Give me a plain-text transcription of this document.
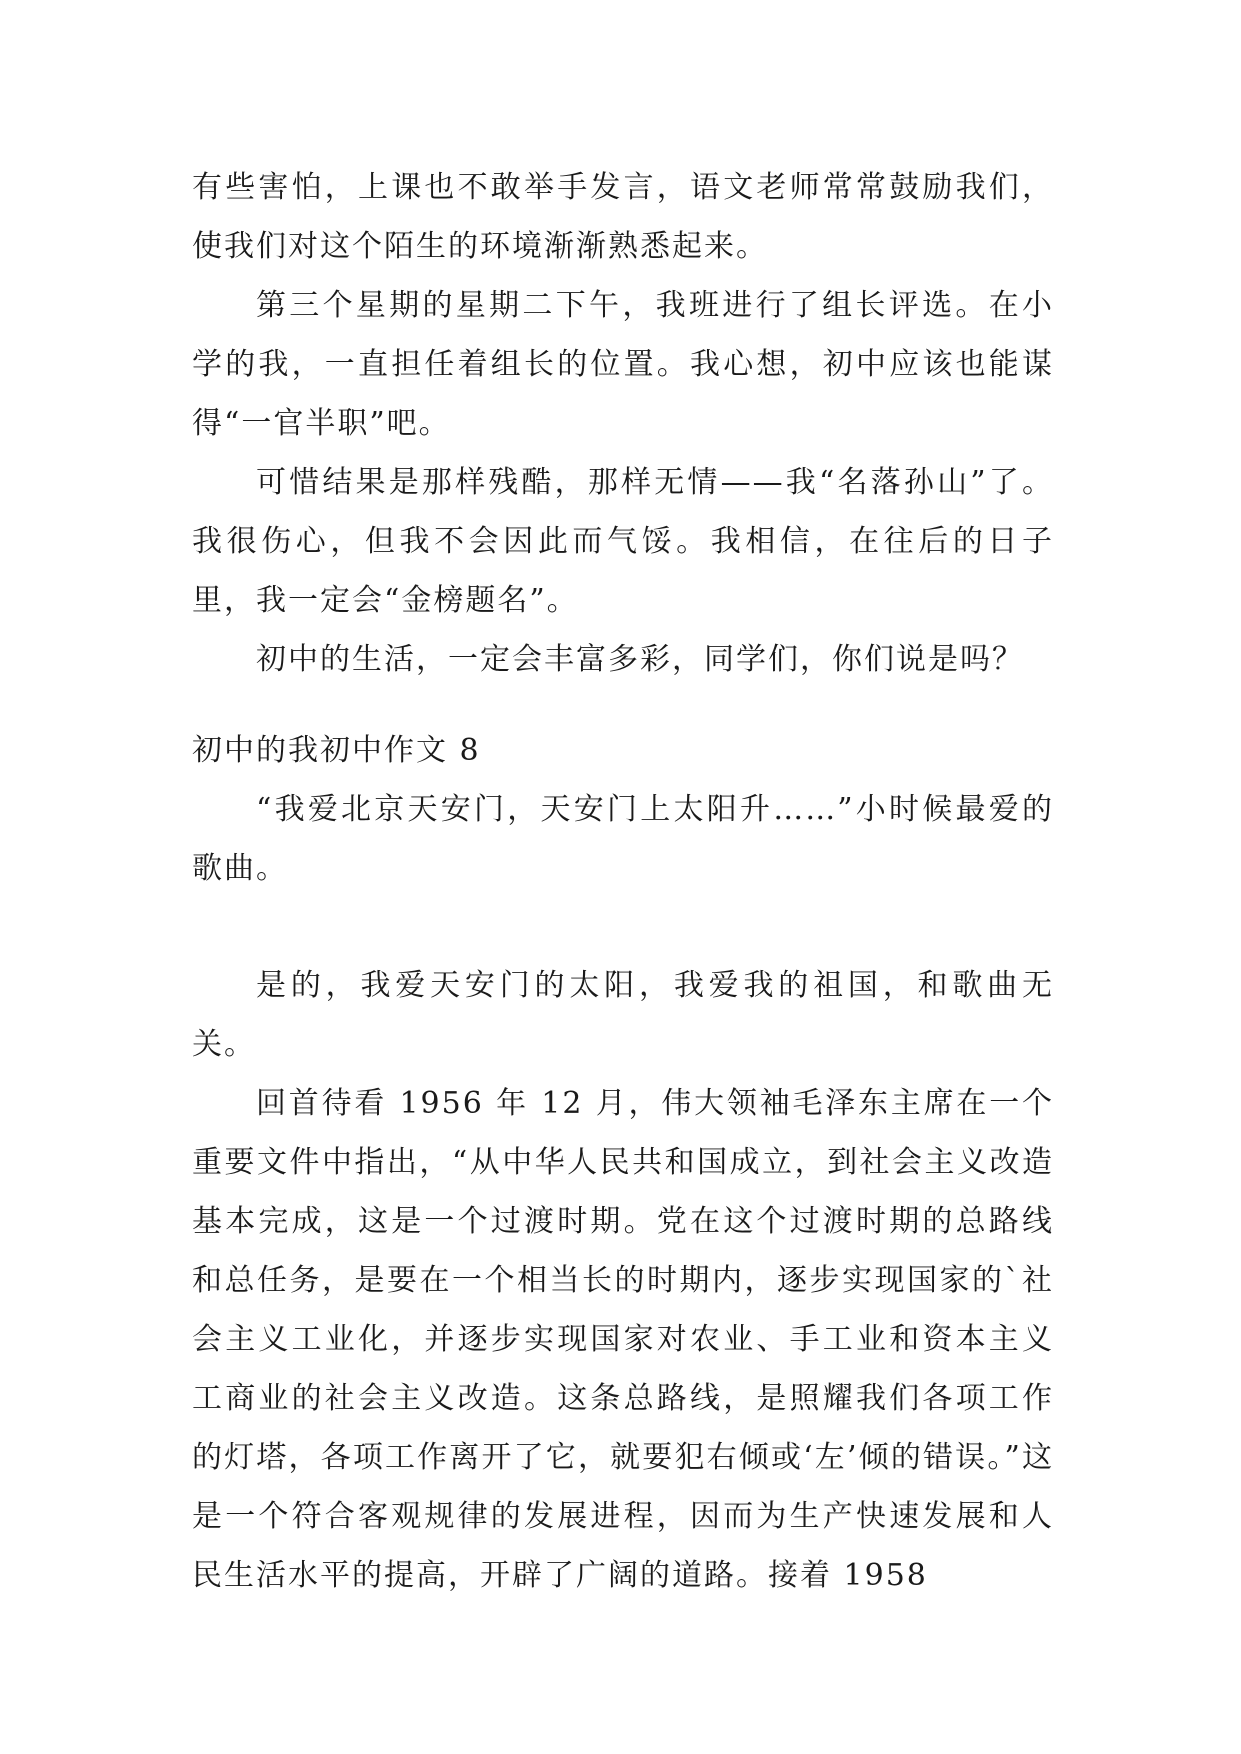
有些害怕，上课也不敢举手发言，语文老师常常鼓励我们，使我们对这个陌生的环境渐渐熟悉起来。

第三个星期的星期二下午，我班进行了组长评选。在小学的我，一直担任着组长的位置。我心想，初中应该也能谋得“一官半职”吧。

可惜结果是那样残酷，那样无情——我“名落孙山”了。我很伤心，但我不会因此而气馁。我相信，在往后的日子里，我一定会“金榜题名”。

初中的生活，一定会丰富多彩，同学们，你们说是吗？

初中的我初中作文 8

“我爱北京天安门，天安门上太阳升……”小时候最爱的歌曲。

是的，我爱天安门的太阳，我爱我的祖国，和歌曲无关。

回首待看 1956 年 12 月，伟大领袖毛泽东主席在一个重要文件中指出，“从中华人民共和国成立，到社会主义改造基本完成，这是一个过渡时期。党在这个过渡时期的总路线和总任务，是要在一个相当长的时期内，逐步实现国家的`社会主义工业化，并逐步实现国家对农业、手工业和资本主义工商业的社会主义改造。这条总路线，是照耀我们各项工作的灯塔，各项工作离开了它，就要犯右倾或‘左’倾的错误。”这是一个符合客观规律的发展进程，因而为生产快速发展和人民生活水平的提高，开辟了广阔的道路。接着 1958
